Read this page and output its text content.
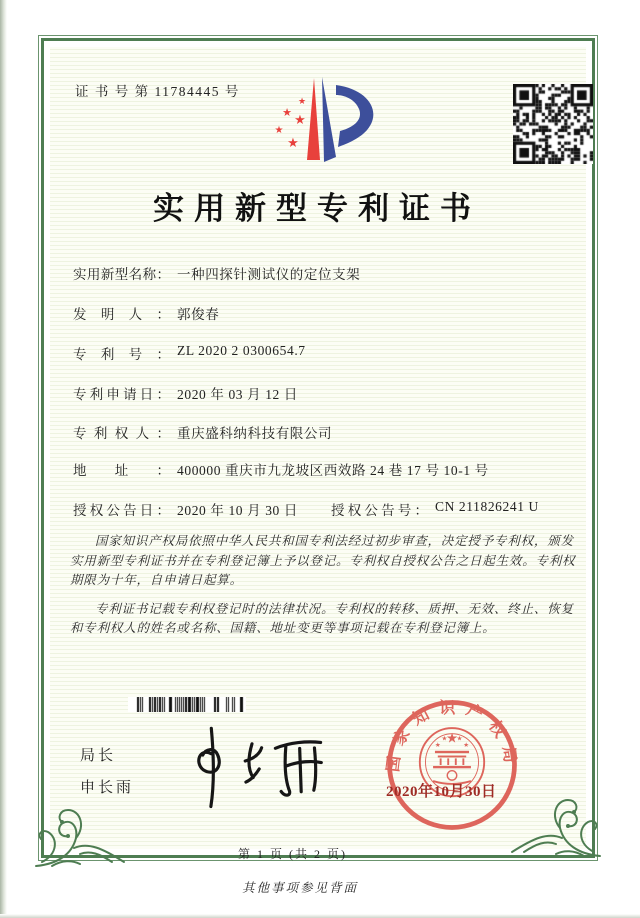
证 书 号 第 11784445 号
★
★ ★
★
★
实用新型专利证书
实用新型名称： 一种四探针测试仪的定位支架
发明人： 郭俊春
专利号： ZL 2020 2 0300654.7
专利申请日： 2020 年 03 月 12 日
专利权人： 重庆盛科纳科技有限公司
地址： 400000 重庆市九龙坡区西效路 24 巷 17 号 10-1 号
授权公告日： 2020 年 10 月 30 日 授权公告号： CN 211826241 U

国家知识产权局依照中华人民共和国专利法经过初步审查，决定授予专利权，颁发实用新型专利证书并在专利登记簿上予以登记。专利权自授权公告之日起生效。专利权期限为十年，自申请日起算。

专利证书记载专利权登记时的法律状况。专利权的转移、质押、无效、终止、恢复和专利权人的姓名或名称、国籍、地址变更等事项记载在专利登记簿上。

局长
申长雨
国家知识产权局
★
★
★ ★
★
2020年10月30日
第 1 页 (共 2 页)
其他事项参见背面
